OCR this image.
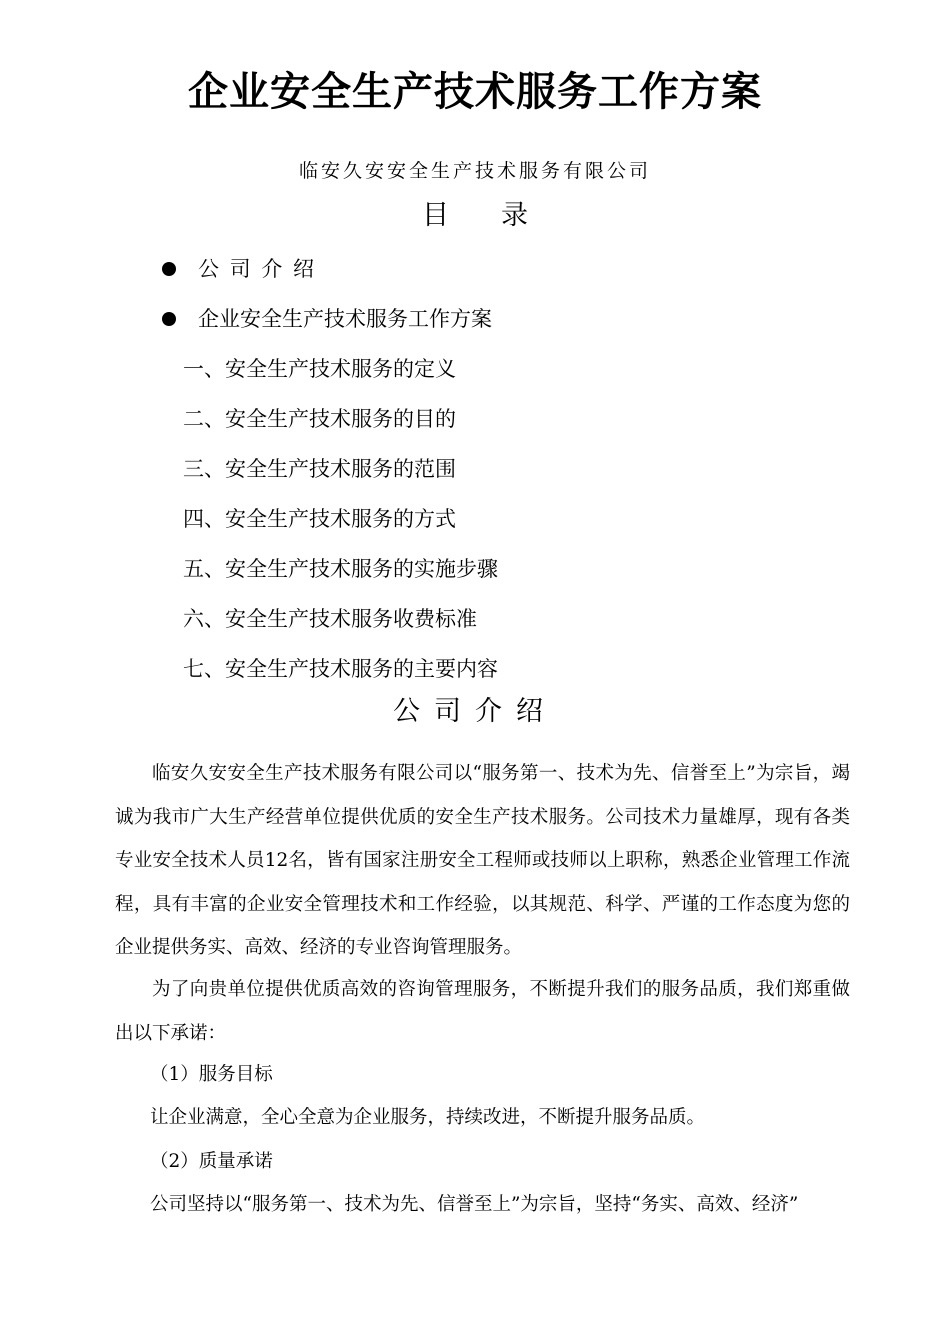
企业安全生产技术服务工作方案
临安久安安全生产技术服务有限公司
目 录
公 司 介 绍
企业安全生产技术服务工作方案
一、安全生产技术服务的定义
二、安全生产技术服务的目的
三、安全生产技术服务的范围
四、安全生产技术服务的方式
五、安全生产技术服务的实施步骤
六、安全生产技术服务收费标准
七、安全生产技术服务的主要内容
公司介绍
临安久安安全生产技术服务有限公司以“服务第一、技术为先、信誉至上”为宗旨，竭诚为我市广大生产经营单位提供优质的安全生产技术服务。公司技术力量雄厚，现有各类专业安全技术人员12名，皆有国家注册安全工程师或技师以上职称，熟悉企业管理工作流程，具有丰富的企业安全管理技术和工作经验，以其规范、科学、严谨的工作态度为您的企业提供务实、高效、经济的专业咨询管理服务。
为了向贵单位提供优质高效的咨询管理服务，不断提升我们的服务品质，我们郑重做出以下承诺：
（1）服务目标
让企业满意，全心全意为企业服务，持续改进，不断提升服务品质。
（2）质量承诺
公司坚持以“服务第一、技术为先、信誉至上”为宗旨，坚持“务实、高效、经济”
